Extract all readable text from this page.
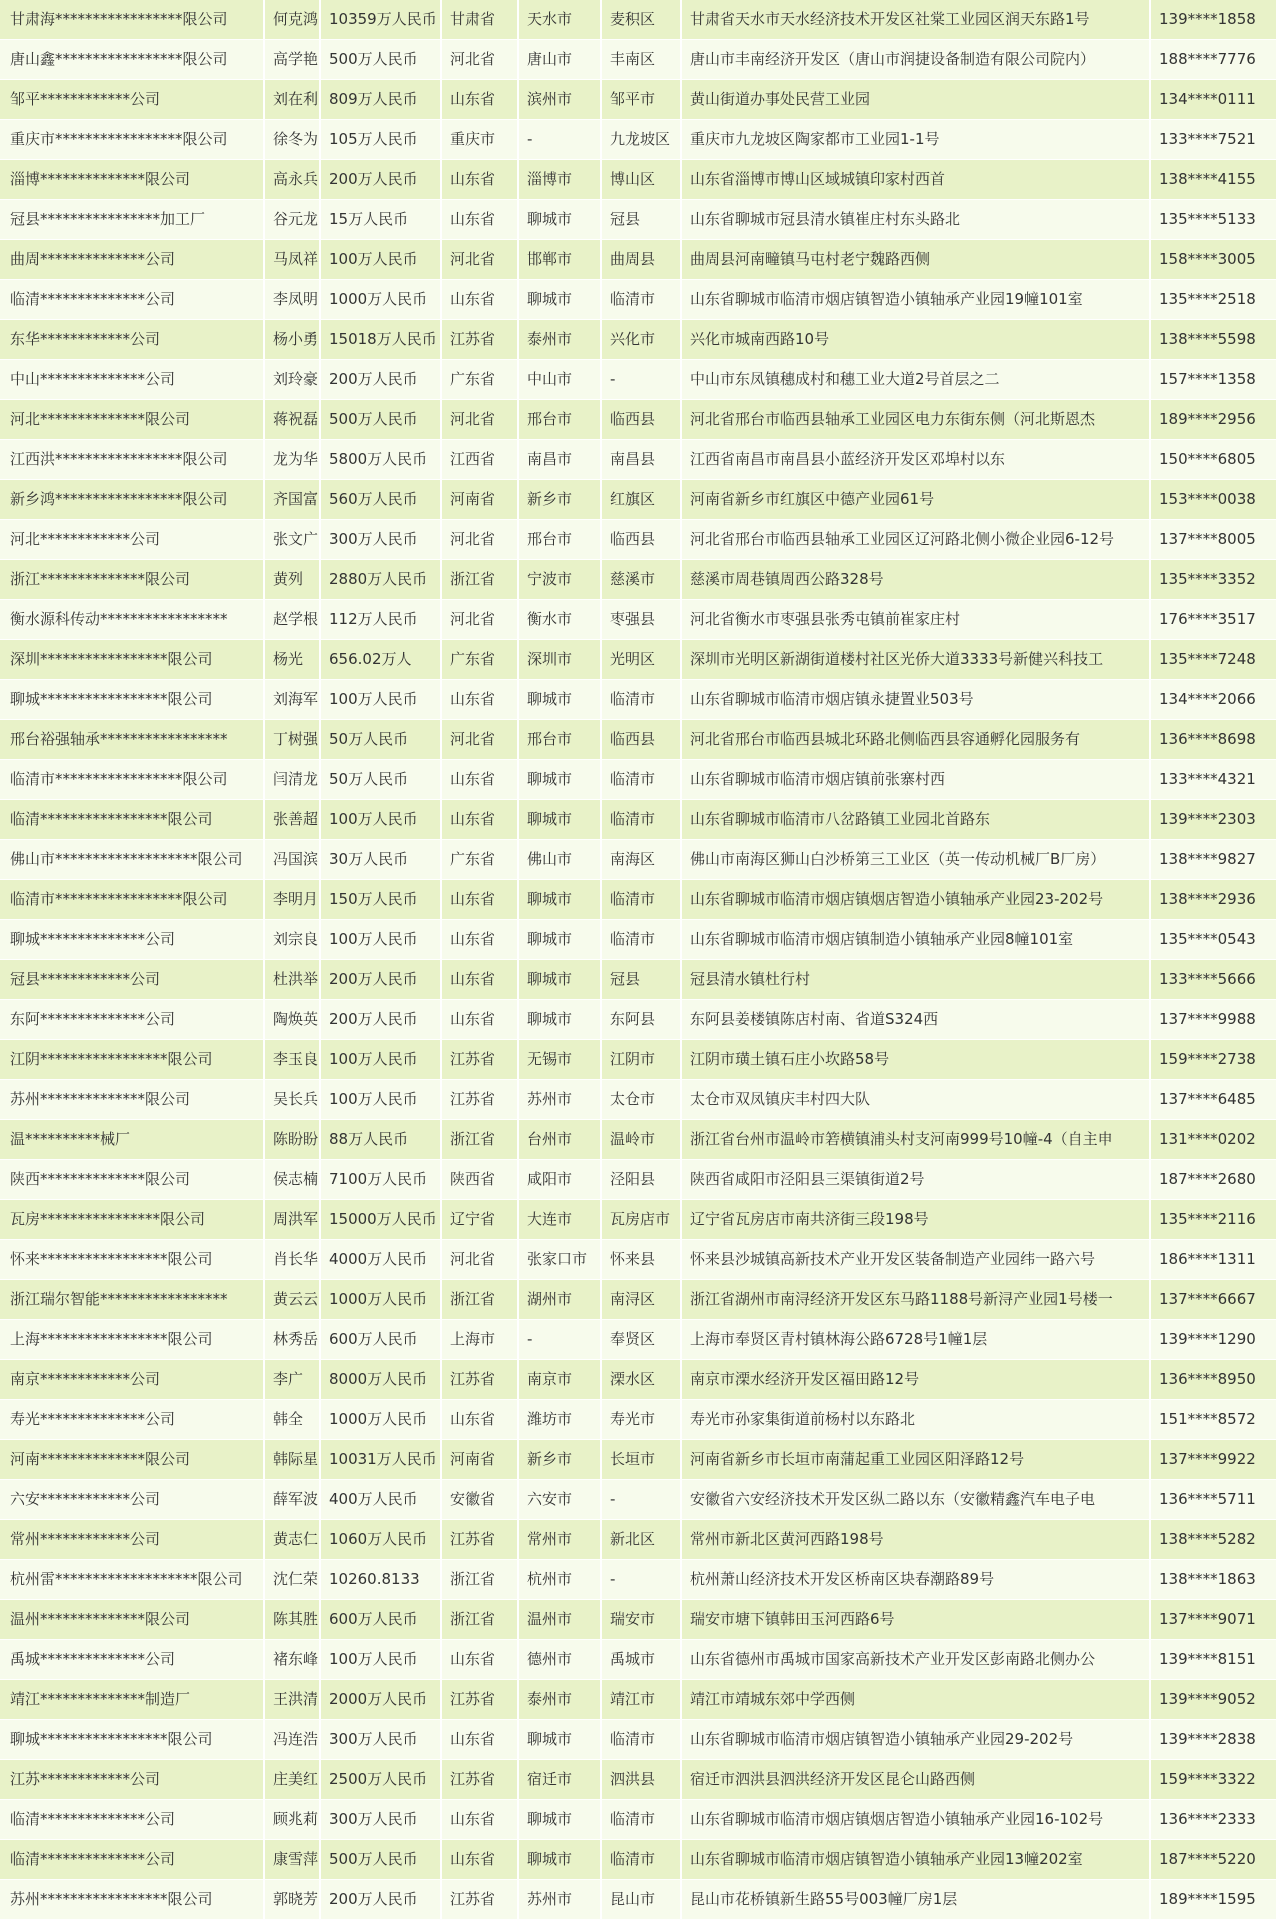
甘肃海*****************限公司	何克鸿	10359万人民币	甘肃省	天水市	麦积区	甘肃省天水市天水经济技术开发区社棠工业园区润天东路1号	139****1858
唐山鑫*****************限公司	高学艳	500万人民币	河北省	唐山市	丰南区	唐山市丰南经济开发区（唐山市润捷设备制造有限公司院内）	188****7776
邹平************公司	刘在利	809万人民币	山东省	滨州市	邹平市	黄山街道办事处民营工业园	134****0111
重庆市*****************限公司	徐冬为	105万人民币	重庆市	-	九龙坡区	重庆市九龙坡区陶家都市工业园1-1号	133****7521
淄博**************限公司	高永兵	200万人民币	山东省	淄博市	博山区	山东省淄博市博山区域城镇印家村西首	138****4155
冠县****************加工厂	谷元龙	15万人民币	山东省	聊城市	冠县	山东省聊城市冠县清水镇崔庄村东头路北	135****5133
曲周**************公司	马凤祥	100万人民币	河北省	邯郸市	曲周县	曲周县河南疃镇马屯村老宁魏路西侧	158****3005
临清**************公司	李凤明	1000万人民币	山东省	聊城市	临清市	山东省聊城市临清市烟店镇智造小镇轴承产业园19幢101室	135****2518
东华************公司	杨小勇	15018万人民币	江苏省	泰州市	兴化市	兴化市城南西路10号	138****5598
中山**************公司	刘玲豪	200万人民币	广东省	中山市	-	中山市东凤镇穗成村和穗工业大道2号首层之二	157****1358
河北**************限公司	蒋祝磊	500万人民币	河北省	邢台市	临西县	河北省邢台市临西县轴承工业园区电力东街东侧（河北斯恩杰	189****2956
江西洪*****************限公司	龙为华	5800万人民币	江西省	南昌市	南昌县	江西省南昌市南昌县小蓝经济开发区邓埠村以东	150****6805
新乡鸿*****************限公司	齐国富	560万人民币	河南省	新乡市	红旗区	河南省新乡市红旗区中德产业园61号	153****0038
河北************公司	张文广	300万人民币	河北省	邢台市	临西县	河北省邢台市临西县轴承工业园区辽河路北侧小微企业园6-12号	137****8005
浙江**************限公司	黄列	2880万人民币	浙江省	宁波市	慈溪市	慈溪市周巷镇周西公路328号	135****3352
衡水源科传动*****************	赵学根	112万人民币	河北省	衡水市	枣强县	河北省衡水市枣强县张秀屯镇前崔家庄村	176****3517
深圳*****************限公司	杨光	656.02万人	广东省	深圳市	光明区	深圳市光明区新湖街道楼村社区光侨大道3333号新健兴科技工	135****7248
聊城*****************限公司	刘海军	100万人民币	山东省	聊城市	临清市	山东省聊城市临清市烟店镇永捷置业503号	134****2066
邢台裕强轴承*****************	丁树强	50万人民币	河北省	邢台市	临西县	河北省邢台市临西县城北环路北侧临西县容通孵化园服务有	136****8698
临清市*****************限公司	闫清龙	50万人民币	山东省	聊城市	临清市	山东省聊城市临清市烟店镇前张寨村西	133****4321
临清*****************限公司	张善超	100万人民币	山东省	聊城市	临清市	山东省聊城市临清市八岔路镇工业园北首路东	139****2303
佛山市*******************限公司	冯国滨	30万人民币	广东省	佛山市	南海区	佛山市南海区狮山白沙桥第三工业区（英一传动机械厂B厂房）	138****9827
临清市*****************限公司	李明月	150万人民币	山东省	聊城市	临清市	山东省聊城市临清市烟店镇烟店智造小镇轴承产业园23-202号	138****2936
聊城**************公司	刘宗良	100万人民币	山东省	聊城市	临清市	山东省聊城市临清市烟店镇制造小镇轴承产业园8幢101室	135****0543
冠县************公司	杜洪举	200万人民币	山东省	聊城市	冠县	冠县清水镇杜行村	133****5666
东阿**************公司	陶焕英	200万人民币	山东省	聊城市	东阿县	东阿县姜楼镇陈店村南、省道S324西	137****9988
江阴*****************限公司	李玉良	100万人民币	江苏省	无锡市	江阴市	江阴市璜土镇石庄小坎路58号	159****2738
苏州**************限公司	吴长兵	100万人民币	江苏省	苏州市	太仓市	太仓市双凤镇庆丰村四大队	137****6485
温**********械厂	陈盼盼	88万人民币	浙江省	台州市	温岭市	浙江省台州市温岭市箬横镇浦头村支河南999号10幢-4（自主申	131****0202
陕西**************限公司	侯志楠	7100万人民币	陕西省	咸阳市	泾阳县	陕西省咸阳市泾阳县三渠镇街道2号	187****2680
瓦房****************限公司	周洪军	15000万人民币	辽宁省	大连市	瓦房店市	辽宁省瓦房店市南共济街三段198号	135****2116
怀来*****************限公司	肖长华	4000万人民币	河北省	张家口市	怀来县	怀来县沙城镇高新技术产业开发区装备制造产业园纬一路六号	186****1311
浙江瑞尔智能*****************	黄云云	1000万人民币	浙江省	湖州市	南浔区	浙江省湖州市南浔经济开发区东马路1188号新浔产业园1号楼一	137****6667
上海*****************限公司	林秀岳	600万人民币	上海市	-	奉贤区	上海市奉贤区青村镇林海公路6728号1幢1层	139****1290
南京************公司	李广	8000万人民币	江苏省	南京市	溧水区	南京市溧水经济开发区福田路12号	136****8950
寿光**************公司	韩全	1000万人民币	山东省	潍坊市	寿光市	寿光市孙家集街道前杨村以东路北	151****8572
河南**************限公司	韩际星	10031万人民币	河南省	新乡市	长垣市	河南省新乡市长垣市南蒲起重工业园区阳泽路12号	137****9922
六安************公司	薛军波	400万人民币	安徽省	六安市	-	安徽省六安经济技术开发区纵二路以东（安徽精鑫汽车电子电	136****5711
常州************公司	黄志仁	1060万人民币	江苏省	常州市	新北区	常州市新北区黄河西路198号	138****5282
杭州雷*******************限公司	沈仁荣	10260.8133	浙江省	杭州市	-	杭州萧山经济技术开发区桥南区块春潮路89号	138****1863
温州**************限公司	陈其胜	600万人民币	浙江省	温州市	瑞安市	瑞安市塘下镇韩田玉河西路6号	137****9071
禹城**************公司	褚东峰	100万人民币	山东省	德州市	禹城市	山东省德州市禹城市国家高新技术产业开发区彭南路北侧办公	139****8151
靖江**************制造厂	王洪清	2000万人民币	江苏省	泰州市	靖江市	靖江市靖城东郊中学西侧	139****9052
聊城*****************限公司	冯连浩	300万人民币	山东省	聊城市	临清市	山东省聊城市临清市烟店镇智造小镇轴承产业园29-202号	139****2838
江苏************公司	庄美红	2500万人民币	江苏省	宿迁市	泗洪县	宿迁市泗洪县泗洪经济开发区昆仑山路西侧	159****3322
临清**************公司	顾兆莉	300万人民币	山东省	聊城市	临清市	山东省聊城市临清市烟店镇烟店智造小镇轴承产业园16-102号	136****2333
临清**************公司	康雪萍	500万人民币	山东省	聊城市	临清市	山东省聊城市临清市烟店镇智造小镇轴承产业园13幢202室	187****5220
苏州*****************限公司	郭晓芳	200万人民币	江苏省	苏州市	昆山市	昆山市花桥镇新生路55号003幢厂房1层	189****1595
